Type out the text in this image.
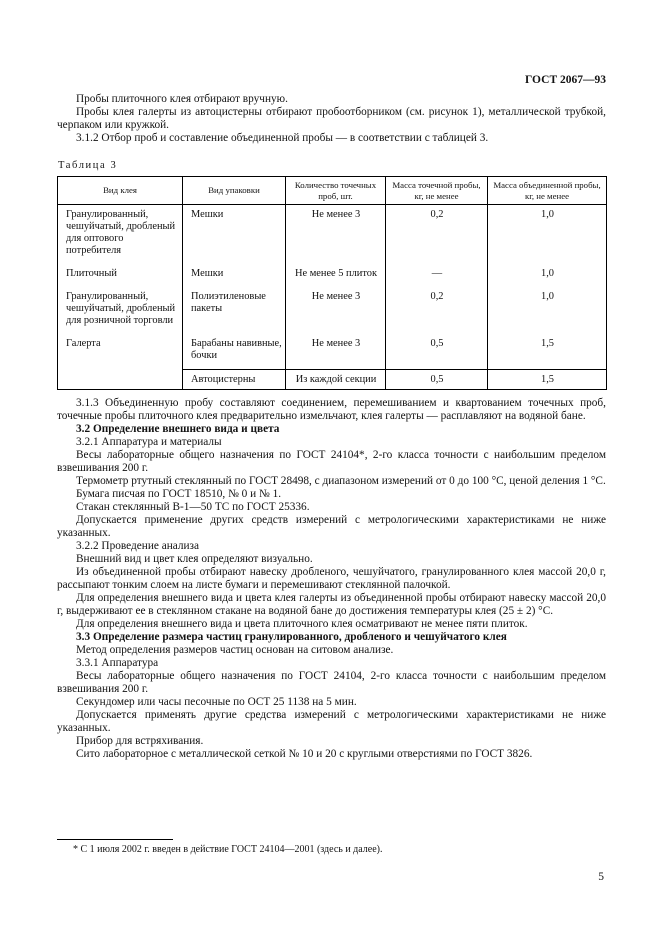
ГОСТ 2067—93

Пробы плиточного клея отбирают вручную.

Пробы клея галерты из автоцистерны отбирают пробоотборником (см. рисунок 1), металлической трубкой, черпаком или кружкой.

3.1.2 Отбор проб и составление объединенной пробы — в соответствии с таблицей 3.

Таблица 3
Вид клея	Вид упаковки	Количество точечных проб, шт.	Масса точечной пробы, кг, не менее	Масса объединенной пробы, кг, не менее
Гранулированный, чешуйчатый, дробленый для оптового потребителя	Мешки	Не менее 3	0,2	1,0
Плиточный	Мешки	Не менее 5 плиток	—	1,0
Гранулированный, чешуйчатый, дробленый для розничной торговли	Полиэтиленовые пакеты	Не менее 3	0,2	1,0
Галерта	Барабаны навивные, бочки	Не менее 3	0,5	1,5
	Автоцистерны	Из каждой секции	0,5	1,5

3.1.3 Объединенную пробу составляют соединением, перемешиванием и квартованием точечных проб, точечные пробы плиточного клея предварительно измельчают, клея галерты — расплавляют на водяной бане.

3.2 Определение внешнего вида и цвета

3.2.1 Аппаратура и материалы

Весы лабораторные общего назначения по ГОСТ 24104*, 2-го класса точности с наибольшим пределом взвешивания 200 г.

Термометр ртутный стеклянный по ГОСТ 28498, с диапазоном измерений от 0 до 100 °С, ценой деления 1 °С.

Бумага писчая по ГОСТ 18510, № 0 и № 1.

Стакан стеклянный В-1—50 ТС по ГОСТ 25336.

Допускается применение других средств измерений с метрологическими характеристиками не ниже указанных.

3.2.2 Проведение анализа

Внешний вид и цвет клея определяют визуально.

Из объединенной пробы отбирают навеску дробленого, чешуйчатого, гранулированного клея массой 20,0 г, рассыпают тонким слоем на листе бумаги и перемешивают стеклянной палочкой.

Для определения внешнего вида и цвета клея галерты из объединенной пробы отбирают навеску массой 20,0 г, выдерживают ее в стеклянном стакане на водяной бане до достижения температуры клея (25 ± 2) °С.

Для определения внешнего вида и цвета плиточного клея осматривают не менее пяти плиток.

3.3 Определение размера частиц гранулированного, дробленого и чешуйчатого клея

Метод определения размеров частиц основан на ситовом анализе.

3.3.1 Аппаратура

Весы лабораторные общего назначения по ГОСТ 24104, 2-го класса точности с наибольшим пределом взвешивания 200 г.

Секундомер или часы песочные по ОСТ 25 1138 на 5 мин.

Допускается применять другие средства измерений с метрологическими характеристиками не ниже указанных.

Прибор для встряхивания.

Сито лабораторное с металлической сеткой № 10 и 20 с круглыми отверстиями по ГОСТ 3826.

* С 1 июля 2002 г. введен в действие ГОСТ 24104—2001 (здесь и далее).

5
